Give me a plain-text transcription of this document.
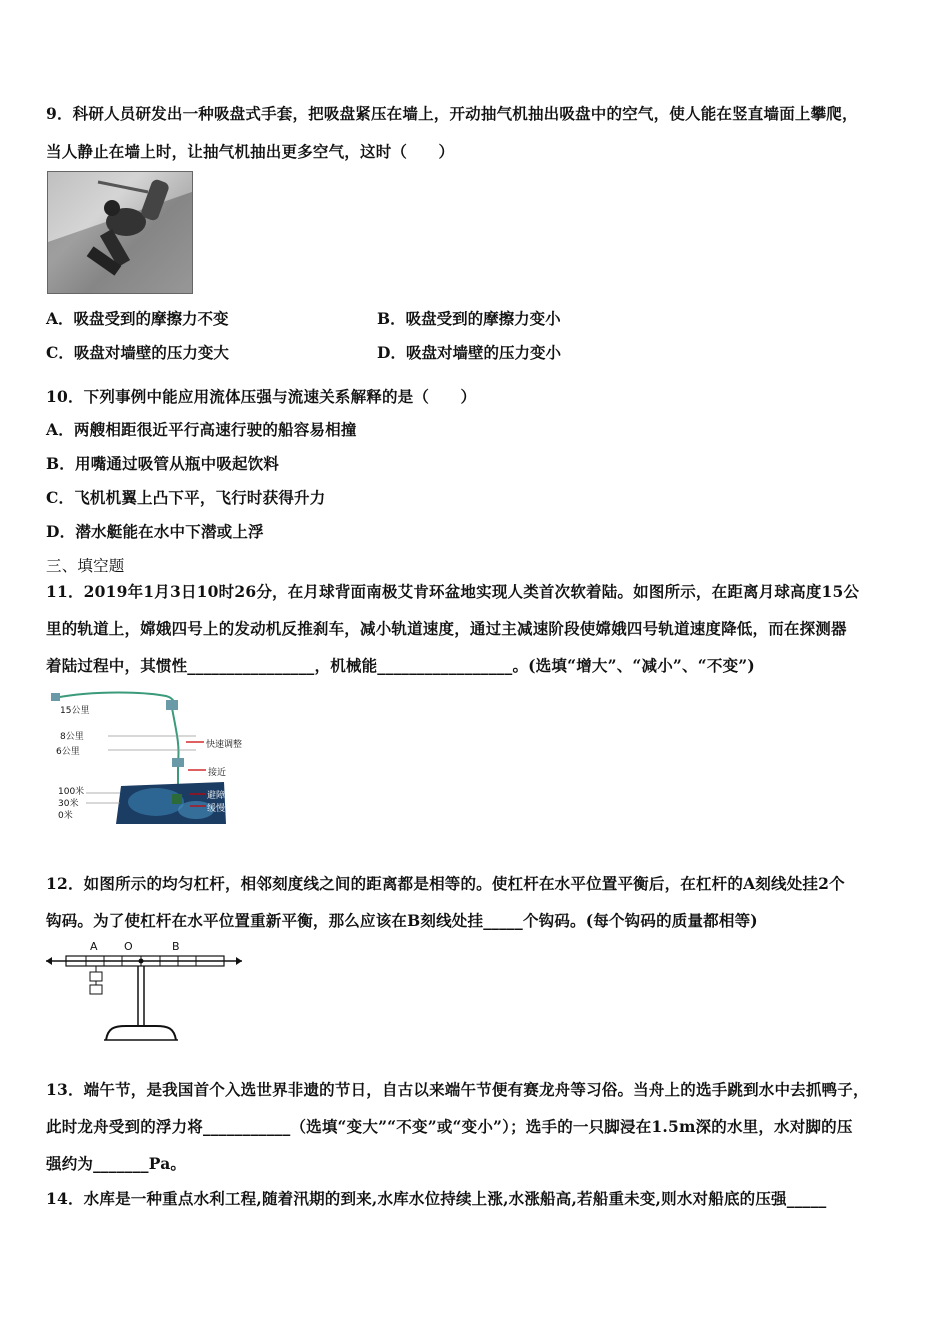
9．科研人员研发出一种吸盘式手套，把吸盘紧压在墙上，开动抽气机抽出吸盘中的空气，使人能在竖直墙面上攀爬，
当人静止在墙上时，让抽气机抽出更多空气，这时（　　）
A．吸盘受到的摩擦力不变	B．吸盘受到的摩擦力变小
C．吸盘对墙壁的压力变大	D．吸盘对墙壁的压力变小
10．下列事例中能应用流体压强与流速关系解释的是（　　）
A．两艘相距很近平行高速行驶的船容易相撞
B．用嘴通过吸管从瓶中吸起饮料
C．飞机机翼上凸下平，飞行时获得升力
D．潜水艇能在水中下潜或上浮
三、填空题
11．2019年1月3日10时26分，在月球背面南极艾肯环盆地实现人类首次软着陆。如图所示，在距离月球高度15公
里的轨道上，嫦娥四号上的发动机反推刹车，减小轨道速度，通过主减速阶段使嫦娥四号轨道速度降低，而在探测器
着陆过程中，其惯性________________，机械能_________________。(选填“增大”、“减小”、“不变”)
15公里
8公里
6公里
快速调整
接近
100米
30米
0米
避障
缓慢下降
12．如图所示的均匀杠杆，相邻刻度线之间的距离都是相等的。使杠杆在水平位置平衡后，在杠杆的A刻线处挂2个
钩码。为了使杠杆在水平位置重新平衡，那么应该在B刻线处挂_____个钩码。(每个钩码的质量都相等)
A O	B
13．端午节，是我国首个入选世界非遗的节日，自古以来端午节便有赛龙舟等习俗。当舟上的选手跳到水中去抓鸭子，
此时龙舟受到的浮力将___________（选填“变大”“不变”或“变小”）；选手的一只脚浸在1.5m深的水里，水对脚的压
强约为_______Pa。
14．水库是一种重点水利工程,随着汛期的到来,水库水位持续上涨,水涨船高,若船重未变,则水对船底的压强_____
